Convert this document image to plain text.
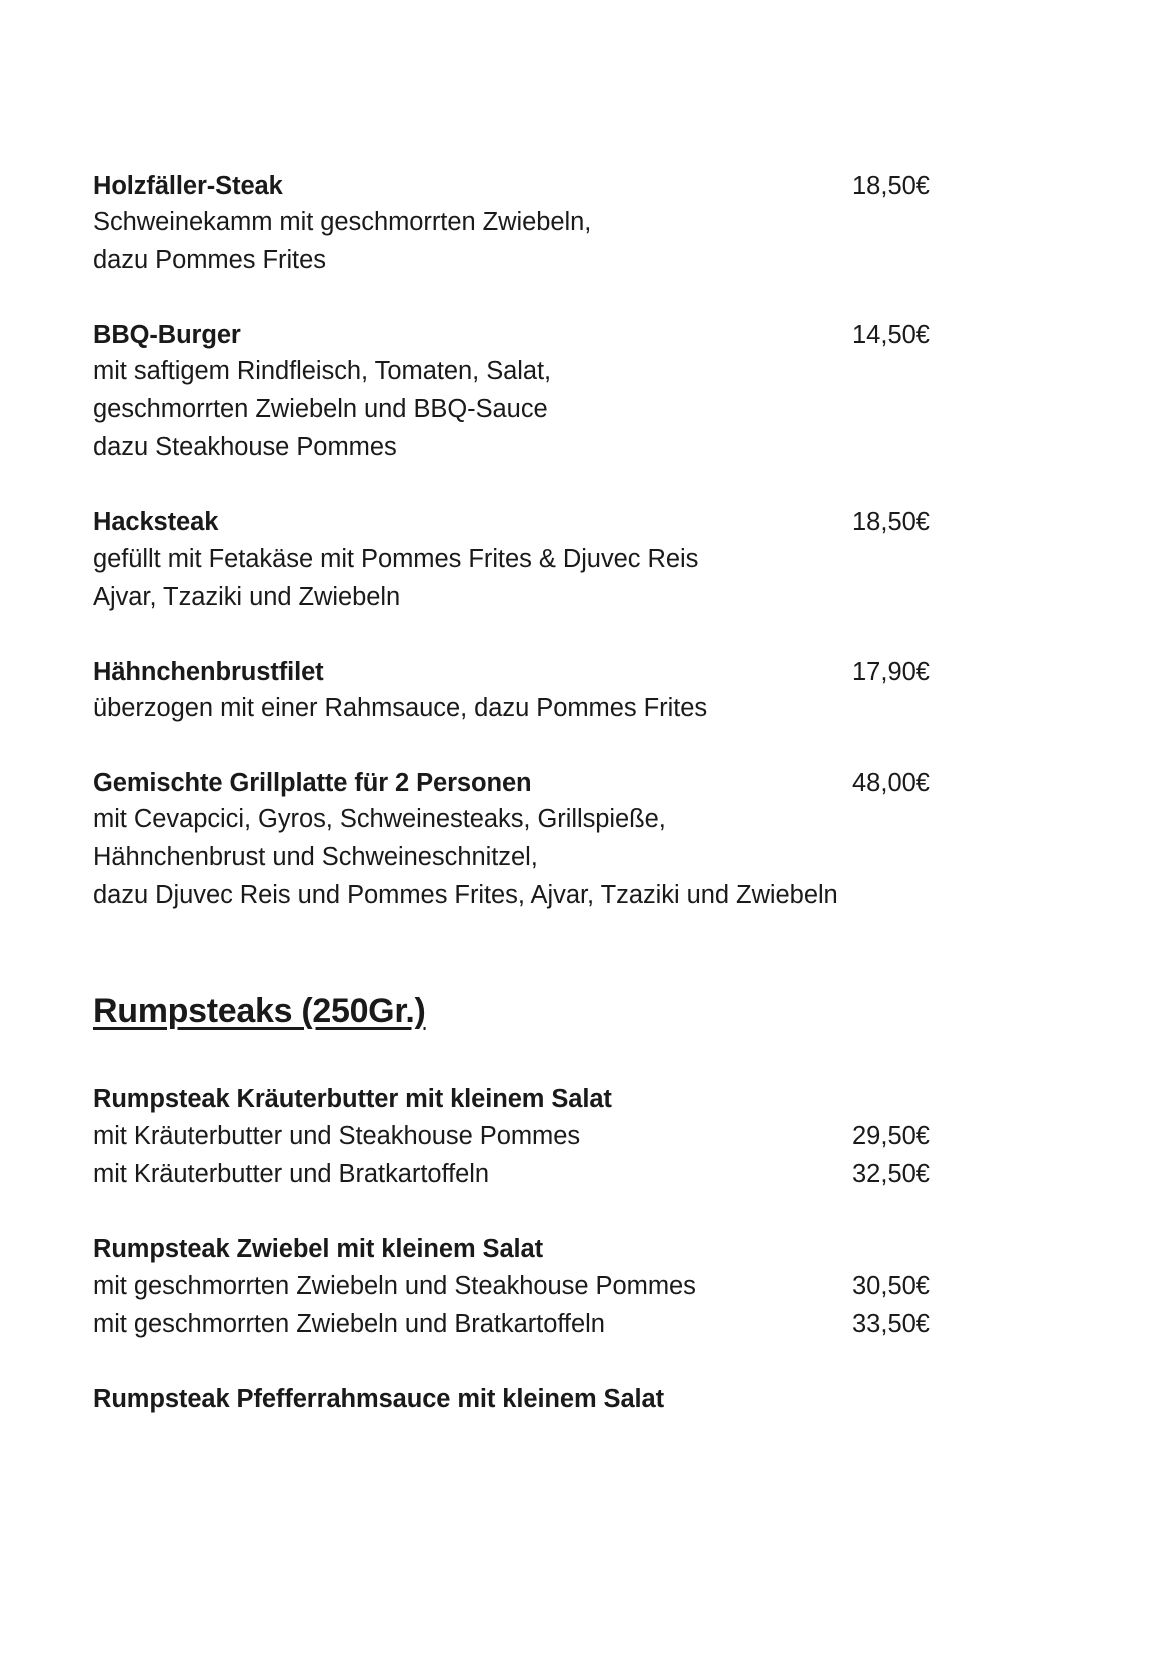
Holzfäller-Steak	18,50€
Schweinekamm mit geschmorrten Zwiebeln,
dazu Pommes Frites
BBQ-Burger	14,50€
mit saftigem Rindfleisch, Tomaten, Salat,
geschmorrten Zwiebeln und BBQ-Sauce
dazu Steakhouse Pommes
Hacksteak	18,50€
gefüllt mit Fetakäse mit Pommes Frites & Djuvec Reis
Ajvar, Tzaziki und Zwiebeln
Hähnchenbrustfilet	17,90€
überzogen mit einer Rahmsauce, dazu Pommes Frites
Gemischte Grillplatte für 2 Personen	48,00€
mit Cevapcici, Gyros, Schweinesteaks, Grillspieße,
Hähnchenbrust und Schweineschnitzel,
dazu Djuvec Reis und Pommes Frites, Ajvar, Tzaziki und Zwiebeln
Rumpsteaks (250Gr.)
Rumpsteak Kräuterbutter mit kleinem Salat
mit Kräuterbutter und Steakhouse Pommes	29,50€
mit Kräuterbutter und Bratkartoffeln	32,50€
Rumpsteak Zwiebel mit kleinem Salat
mit geschmorrten Zwiebeln und Steakhouse Pommes	30,50€
mit geschmorrten Zwiebeln und Bratkartoffeln	33,50€
Rumpsteak Pfefferrahmsauce mit kleinem Salat
